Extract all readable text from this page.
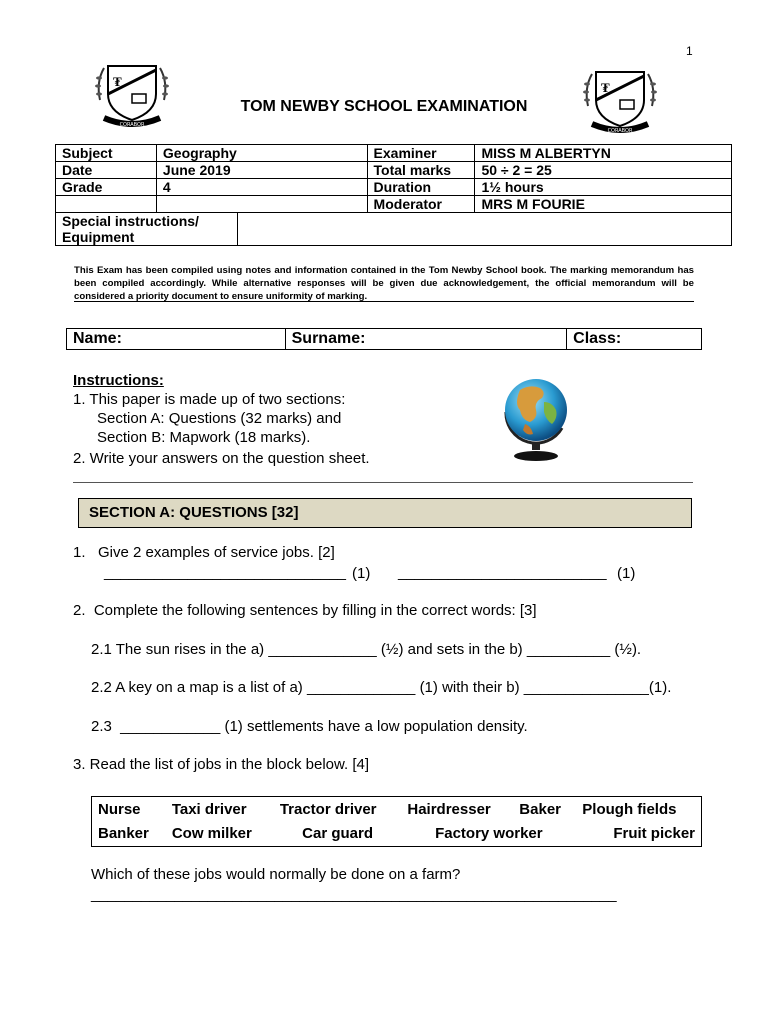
1
₮
CORABOR
₮
CORABOR
TOM NEWBY SCHOOL EXAMINATION
Subject	Geography		Examiner	MISS M ALBERTYN
Date	June 2019		Total marks	50 ÷ 2 = 25
Grade	4		Duration	1½ hours
			Moderator	MRS M FOURIE
Special instructions/ Equipment				
This Exam has been compiled using notes and information contained in the Tom Newby School book. The marking memorandum has been compiled accordingly. While alternative responses will be given due acknowledgement, the official memorandum will be considered a priority document to ensure uniformity of marking.
Name:	Surname:	Class:
Instructions:
1. This paper is made up of two sections:
Section A: Questions (32 marks) and
Section B: Mapwork (18 marks).
2. Write your answers on the question sheet.
SECTION A: QUESTIONS [32]
1.   Give 2 examples of service jobs. [2]
_____________________________ (1) _________________________ (1)
2.  Complete the following sentences by filling in the correct words: [3]
2.1 The sun rises in the a) _____________ (½) and sets in the b) __________ (½).
2.2 A key on a map is a list of a) _____________ (1) with their b) _______________(1).
2.3  ____________ (1) settlements have a low population density.
3. Read the list of jobs in the block below. [4]
Nurse	Taxi driver	Tractor driver	Hairdresser	Baker	Plough fields
Banker	Cow milker	Car guard	Factory worker		Fruit picker
Which of these jobs would normally be done on a farm?
_______________________________________________________________
